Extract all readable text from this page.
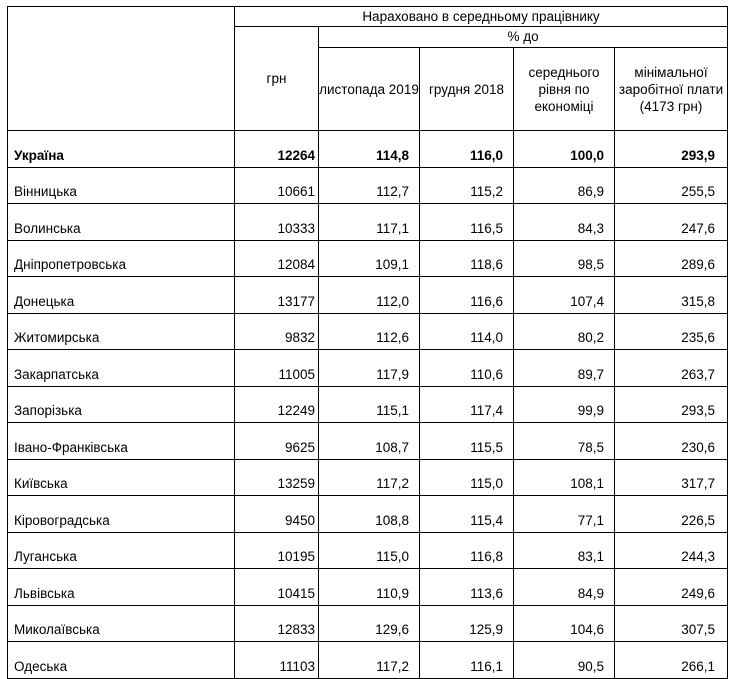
	Нараховано в середньому працівнику				
	грн	% до			
		листопада 2019	грудня 2018	середнього рівня по економіці	мінімальної заробітної плати (4173 грн)
Україна	12264	114,8	116,0	100,0	293,9
Вінницька	10661	112,7	115,2	86,9	255,5
Волинська	10333	117,1	116,5	84,3	247,6
Дніпропетровська	12084	109,1	118,6	98,5	289,6
Донецька	13177	112,0	116,6	107,4	315,8
Житомирська	9832	112,6	114,0	80,2	235,6
Закарпатська	11005	117,9	110,6	89,7	263,7
Запорізька	12249	115,1	117,4	99,9	293,5
Івано-Франківська	9625	108,7	115,5	78,5	230,6
Київська	13259	117,2	115,0	108,1	317,7
Кіровоградська	9450	108,8	115,4	77,1	226,5
Луганська	10195	115,0	116,8	83,1	244,3
Львівська	10415	110,9	113,6	84,9	249,6
Миколаївська	12833	129,6	125,9	104,6	307,5
Одеська	11103	117,2	116,1	90,5	266,1
